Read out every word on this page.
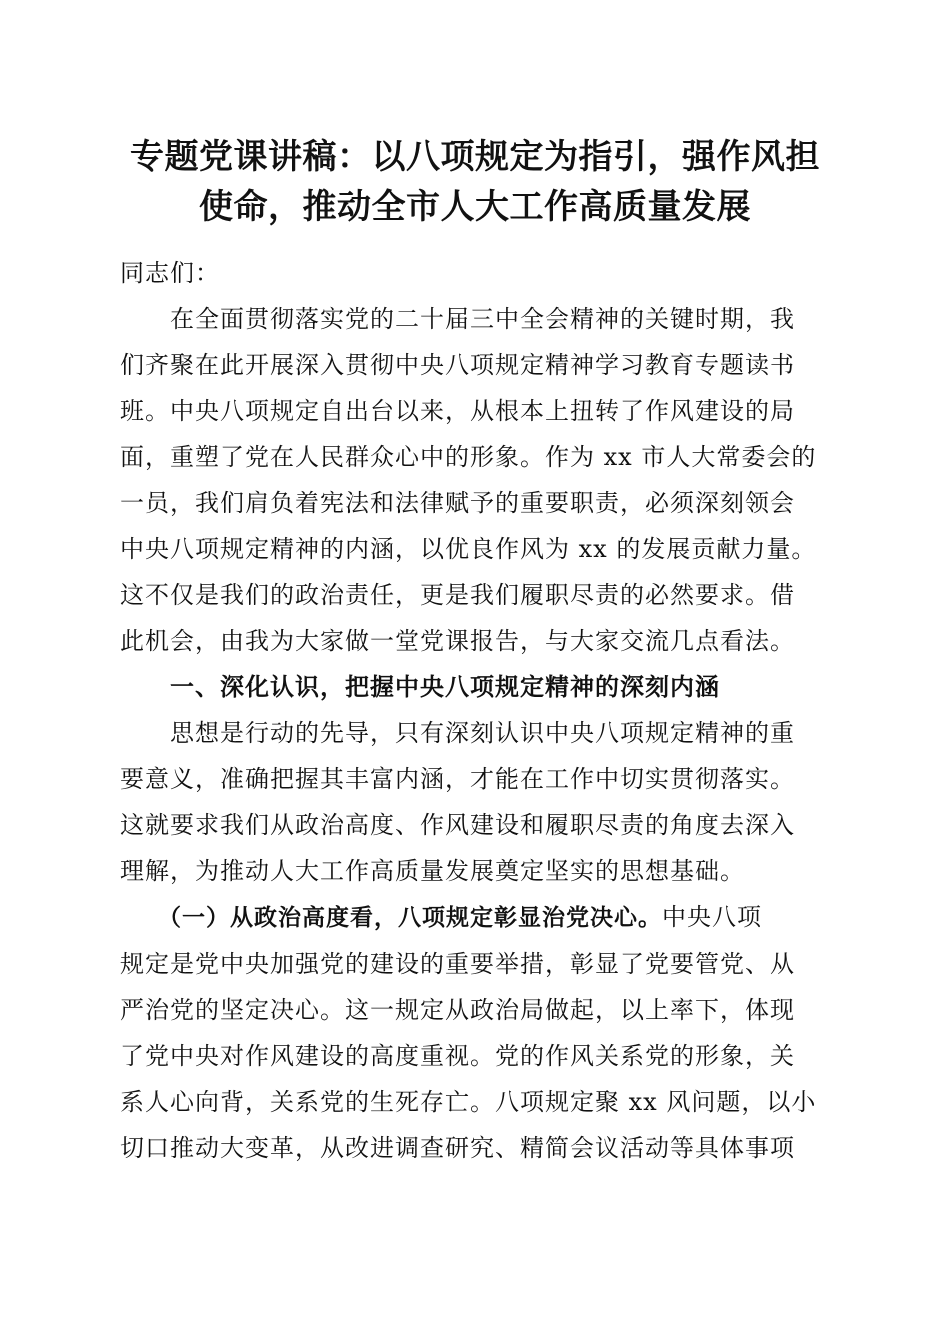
专题党课讲稿：以八项规定为指引，强作风担
使命，推动全市人大工作高质量发展

同志们：

在全面贯彻落实党的二十届三中全会精神的关键时期，我
们齐聚在此开展深入贯彻中央八项规定精神学习教育专题读书
班。中央八项规定自出台以来，从根本上扭转了作风建设的局
面，重塑了党在人民群众心中的形象。作为 xx 市人大常委会的
一员，我们肩负着宪法和法律赋予的重要职责，必须深刻领会
中央八项规定精神的内涵，以优良作风为 xx 的发展贡献力量。
这不仅是我们的政治责任，更是我们履职尽责的必然要求。借
此机会，由我为大家做一堂党课报告，与大家交流几点看法。

一、深化认识，把握中央八项规定精神的深刻内涵

思想是行动的先导，只有深刻认识中央八项规定精神的重
要意义，准确把握其丰富内涵，才能在工作中切实贯彻落实。
这就要求我们从政治高度、作风建设和履职尽责的角度去深入
理解，为推动人大工作高质量发展奠定坚实的思想基础。

（一）从政治高度看，八项规定彰显治党决心。中央八项
规定是党中央加强党的建设的重要举措，彰显了党要管党、从
严治党的坚定决心。这一规定从政治局做起，以上率下，体现
了党中央对作风建设的高度重视。党的作风关系党的形象，关
系人心向背，关系党的生死存亡。八项规定聚 xx 风问题，以小
切口推动大变革，从改进调查研究、精简会议活动等具体事项
